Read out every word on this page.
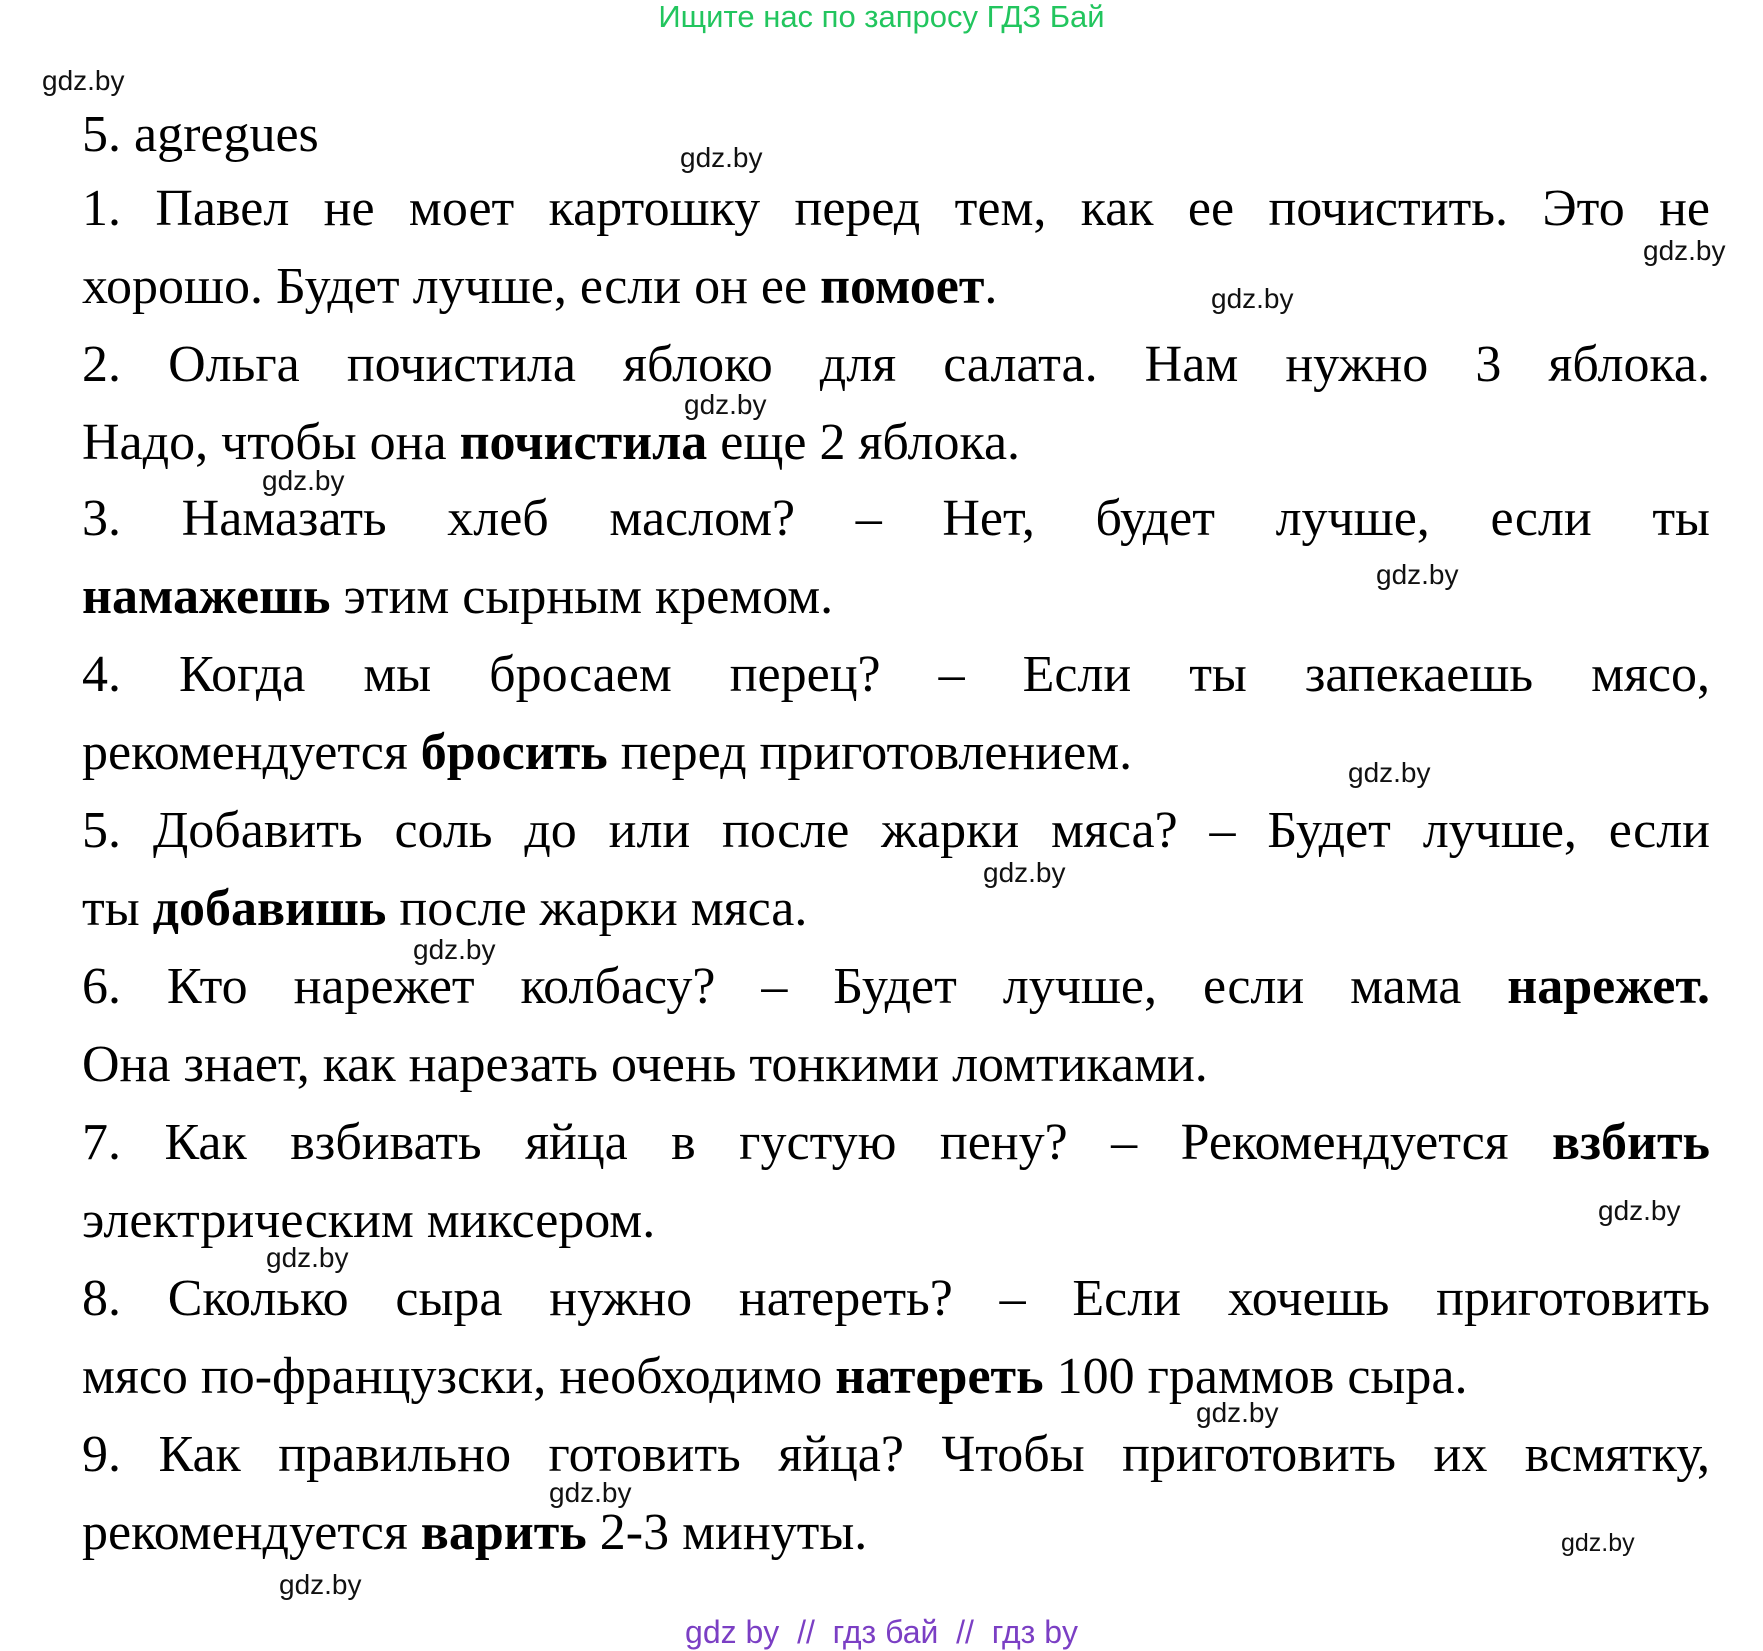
Ищите нас по запросу ГДЗ Бай
gdz.by
5. agregues	gdz.by
1. Павел не моет картошку перед тем, как ее почистить. Это не
gdz.by
хорошо. Будет лучше, если он ее помоет.	gdz.by
2. Ольга почистила яблоко для салата. Нам нужно 3 яблока.
gdz.by
Надо, чтобы она почистила еще 2 яблока.
gdz.by
3. Намазать хлеб маслом? – Нет, будет лучше, если ты
gdz.by
намажешь этим сырным кремом.
4. Когда мы бросаем перец? – Если ты запекаешь мясо,
рекомендуется бросить перед приготовлением.	gdz.by
5. Добавить соль до или после жарки мяса? – Будет лучше, если
gdz.by
ты добавишь после жарки мяса.
gdz.by
6. Кто нарежет колбасу? – Будет лучше, если мама нарежет.
Она знает, как нарезать очень тонкими ломтиками.
7. Как взбивать яйца в густую пену? – Рекомендуется взбить
gdz.by
электрическим миксером.
gdz.by
8. Сколько сыра нужно натереть? – Если хочешь приготовить
мясо по-французски, необходимо натереть 100 граммов сыра.
gdz.by
9. Как правильно готовить яйца? Чтобы приготовить их всмятку,
gdz.by
рекомендуется варить 2-3 минуты.	gdz.by
gdz.by
gdz by  //  гдз бай  //  гдз by
